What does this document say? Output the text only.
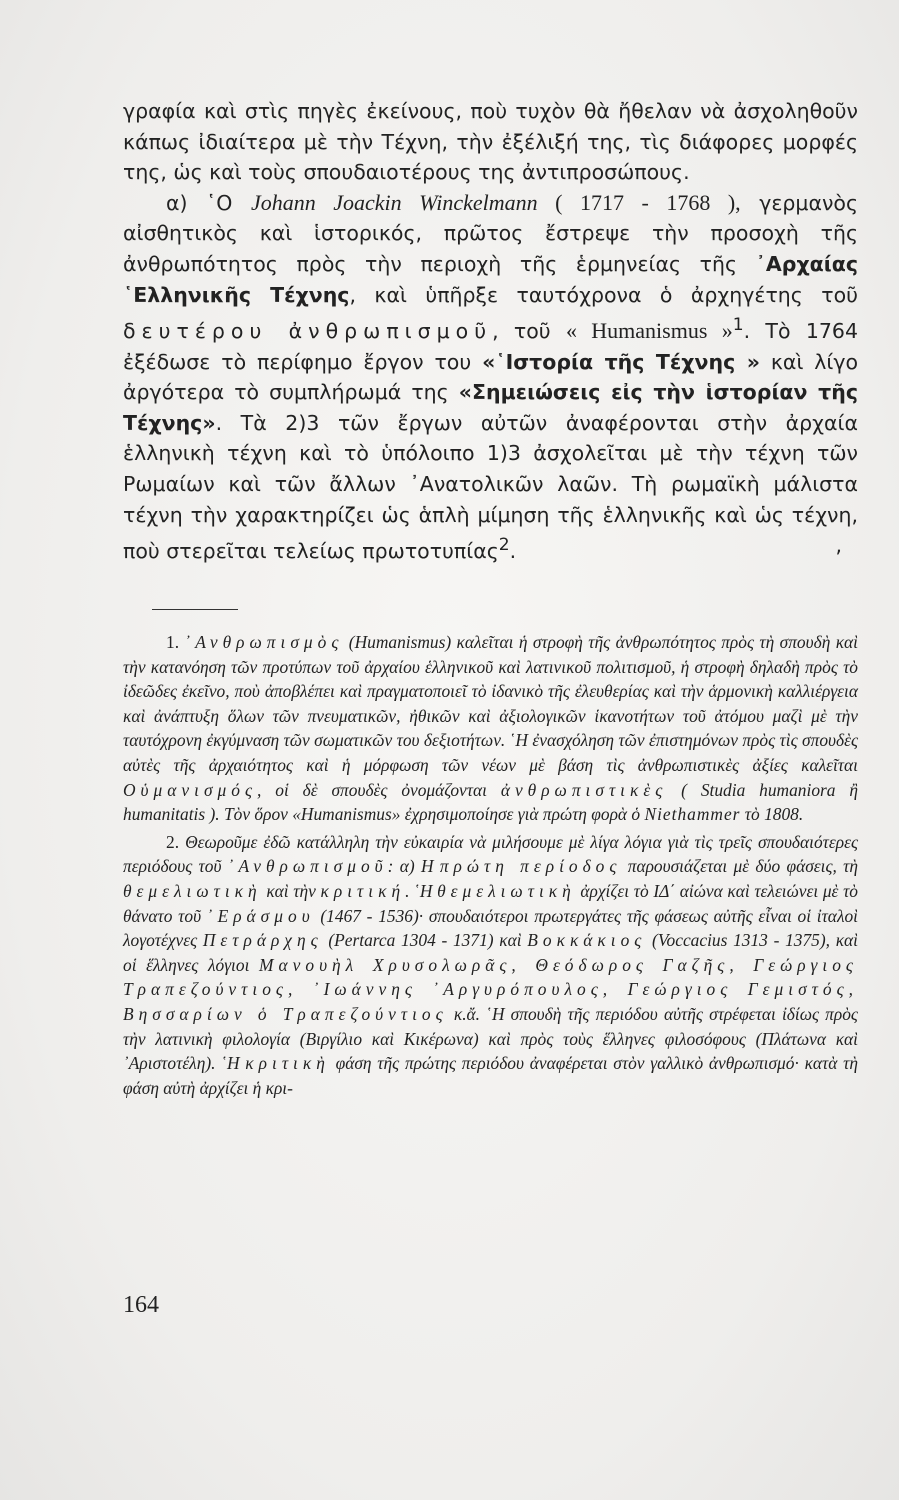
γραφία καὶ στὶς πηγὲς ἐκείνους, ποὺ τυχὸν θὰ ἤθελαν νὰ ἀσχοληθοῦν κάπως ἰδιαίτερα μὲ τὴν Τέχνη, τὴν ἐξέλιξή της, τὶς διάφορες μορφές της, ὡς καὶ τοὺς σπουδαιοτέρους της ἀντιπροσώπους.

α) ῾Ο Johann Joackin Winckelmann ( 1717 - 1768 ), γερμανὸς αἰσθητικὸς καὶ ἱστορικός, πρῶτος ἔστρεψε τὴν προσοχὴ τῆς ἀνθρωπότητος πρὸς τὴν περιοχὴ τῆς ἑρμηνείας τῆς ᾿Αρχαίας ῾Ελληνικῆς Τέχνης, καὶ ὑπῆρξε ταυτόχρονα ὁ ἀρχηγέτης τοῦ δευτέρου ἀνθρωπισμοῦ, τοῦ « Humanismus »$^1$. Τὸ 1764 ἐξέδωσε τὸ περίφημο ἔργον του «῾Ιστορία τῆς Τέχνης » καὶ λίγο ἀργότερα τὸ συμπλήρωμά της «Σημειώσεις εἰς τὴν ἱστορίαν τῆς Τέχνης». Τὰ 2)3 τῶν ἔργων αὐτῶν ἀναφέρονται στὴν ἀρχαία ἑλληνικὴ τέχνη καὶ τὸ ὑπόλοιπο 1)3 ἀσχολεῖται μὲ τὴν τέχνη τῶν Ρωμαίων καὶ τῶν ἄλλων ᾿Ανατολικῶν λαῶν. Τὴ ρωμαϊκὴ μάλιστα τέχνη τὴν χαρακτηρίζει ὡς ἁπλὴ μίμηση τῆς ἑλληνικῆς καὶ ὡς τέχνη, ποὺ στερεῖται τελείως πρωτοτυπίας$^2$.	,

1. ᾿Ανθρωπισμὸς (Humanismus) καλεῖται ἡ στροφὴ τῆς ἀνθρωπότητος πρὸς τὴ σπουδὴ καὶ τὴν κατανόηση τῶν προτύπων τοῦ ἀρχαίου ἑλληνικοῦ καὶ λατινικοῦ πολιτισμοῦ, ἡ στροφὴ δηλαδὴ πρὸς τὸ ἰδεῶδες ἐκεῖνο, ποὺ ἀποβλέπει καὶ πραγματοποιεῖ τὸ ἰδανικὸ τῆς ἐλευθερίας καὶ τὴν ἁρμονικὴ καλλιέργεια καὶ ἀνάπτυξη ὅλων τῶν πνευματικῶν, ἠθικῶν καὶ ἀξιολογικῶν ἱκανοτήτων τοῦ ἀτόμου μαζὶ μὲ τὴν ταυτόχρονη ἐκγύμναση τῶν σωματικῶν του δεξιοτήτων. ῾Η ἐνασχόληση τῶν ἐπιστημόνων πρὸς τὶς σπουδὲς αὐτὲς τῆς ἀρχαιότητος καὶ ἡ μόρφωση τῶν νέων μὲ βάση τὶς ἀνθρωπιστικὲς ἀξίες καλεῖται Οὑμανισμός, οἱ δὲ σπουδὲς ὀνομάζονται ἀνθρωπιστικὲς ( Studia humaniora ἢ humanitatis ). Τὸν ὅρον «Humanismus» ἐχρησιμοποίησε γιὰ πρώτη φορὰ ὁ Niethammer τὸ 1808.

2. Θεωροῦμε ἐδῶ κατάλληλη τὴν εὐκαιρία νὰ μιλήσουμε μὲ λίγα λόγια γιὰ τὶς τρεῖς σπουδαιότερες περιόδους τοῦ ᾿Ανθρωπισμοῦ: α) Η πρώτη περίοδος παρουσιάζεται μὲ δύο φάσεις, τὴ θεμελιωτικὴ καὶ τὴν κριτική. ῾Η θεμελιωτικὴ ἀρχίζει τὸ ΙΔ΄ αἰώνα καὶ τελειώνει μὲ τὸ θάνατο τοῦ ᾿Εράσμου (1467 - 1536)· σπουδαιότεροι πρωτεργάτες τῆς φάσεως αὐτῆς εἶναι οἱ ἰταλοὶ λογοτέχνες Πετράρχης (Pertarca 1304 - 1371) καὶ Βοκκάκιος (Voccacius 1313 - 1375), καὶ οἱ ἕλληνες λόγιοι Μανουὴλ Χρυσολωρᾶς, Θεόδωρος Γαζῆς, Γεώργιος Τραπεζούντιος, ᾿Ιωάννης ᾿Αργυρόπουλος, Γεώργιος Γεμιστός, Βησσαρίων ὁ Τραπεζούντιος κ.ἄ. ῾Η σπουδὴ τῆς περιόδου αὐτῆς στρέφεται ἰδίως πρὸς τὴν λατινικὴ φιλολογία (Βιργίλιο καὶ Κικέρωνα) καὶ πρὸς τοὺς ἕλληνες φιλοσόφους (Πλάτωνα καὶ ᾿Αριστοτέλη). ῾Η κριτικὴ φάση τῆς πρώτης περιόδου ἀναφέρεται στὸν γαλλικὸ ἀνθρωπισμό· κατὰ τὴ φάση αὐτὴ ἀρχίζει ἡ κρι-

164
